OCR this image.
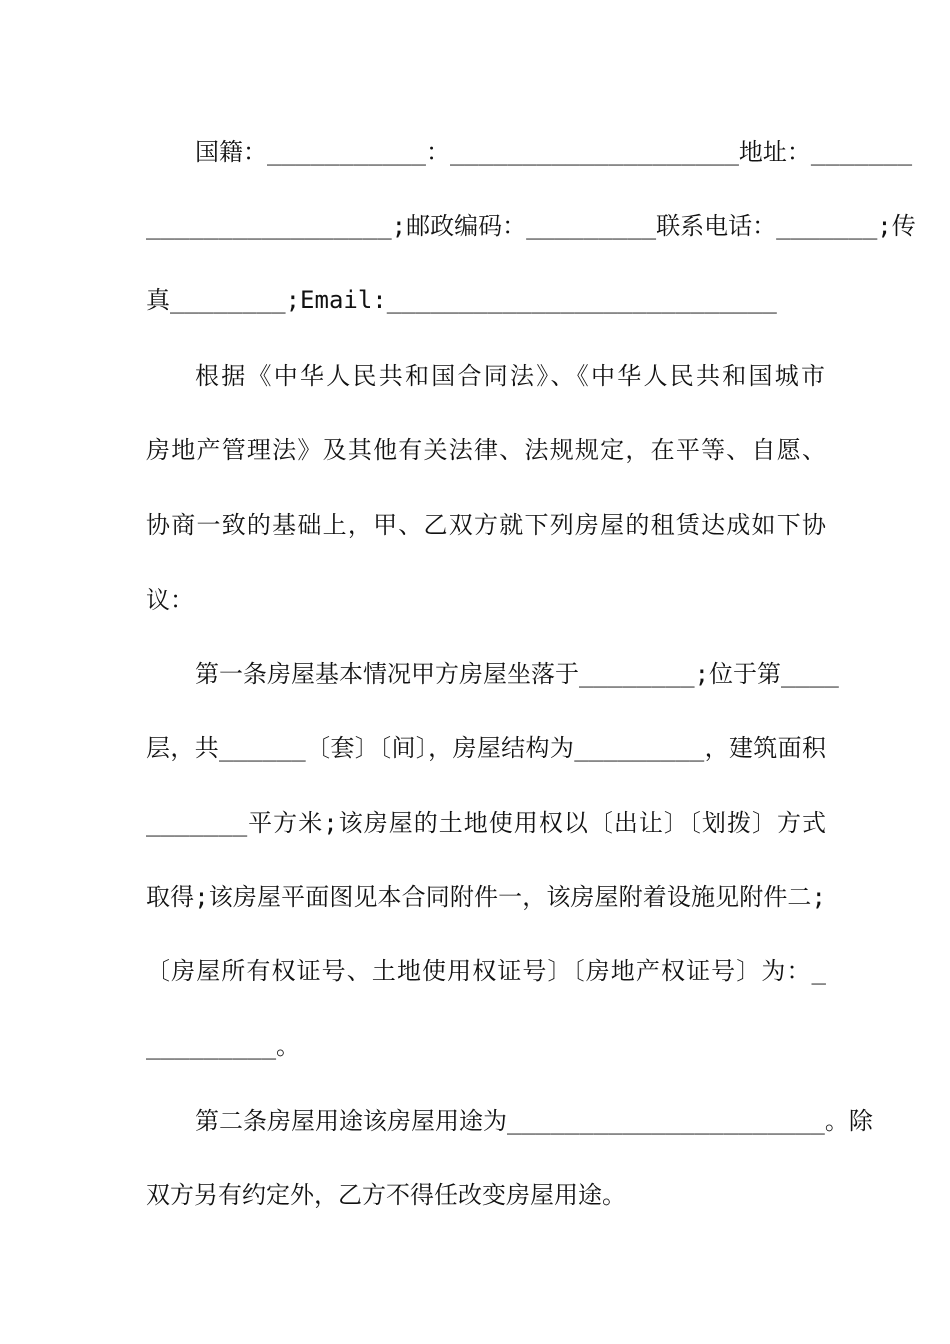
国籍：___________：____________________地址：_______
_________________;邮政编码：_________联系电话：_______;传
真________;Email:___________________________
根据《中华人民共和国合同法》、《中华人民共和国城市
房地产管理法》及其他有关法律、法规规定，在平等、自愿、
协商一致的基础上，甲、乙双方就下列房屋的租赁达成如下协
议：
第一条房屋基本情况甲方房屋坐落于________;位于第____
层，共______〔套〕〔间〕，房屋结构为_________，建筑面积
_______平方米;该房屋的土地使用权以〔出让〕〔划拨〕方式
取得;该房屋平面图见本合同附件一，该房屋附着设施见附件二;
〔房屋所有权证号、土地使用权证号〕〔房地产权证号〕为：_
_________。
第二条房屋用途该房屋用途为______________________。除
双方另有约定外，乙方不得任改变房屋用途。
